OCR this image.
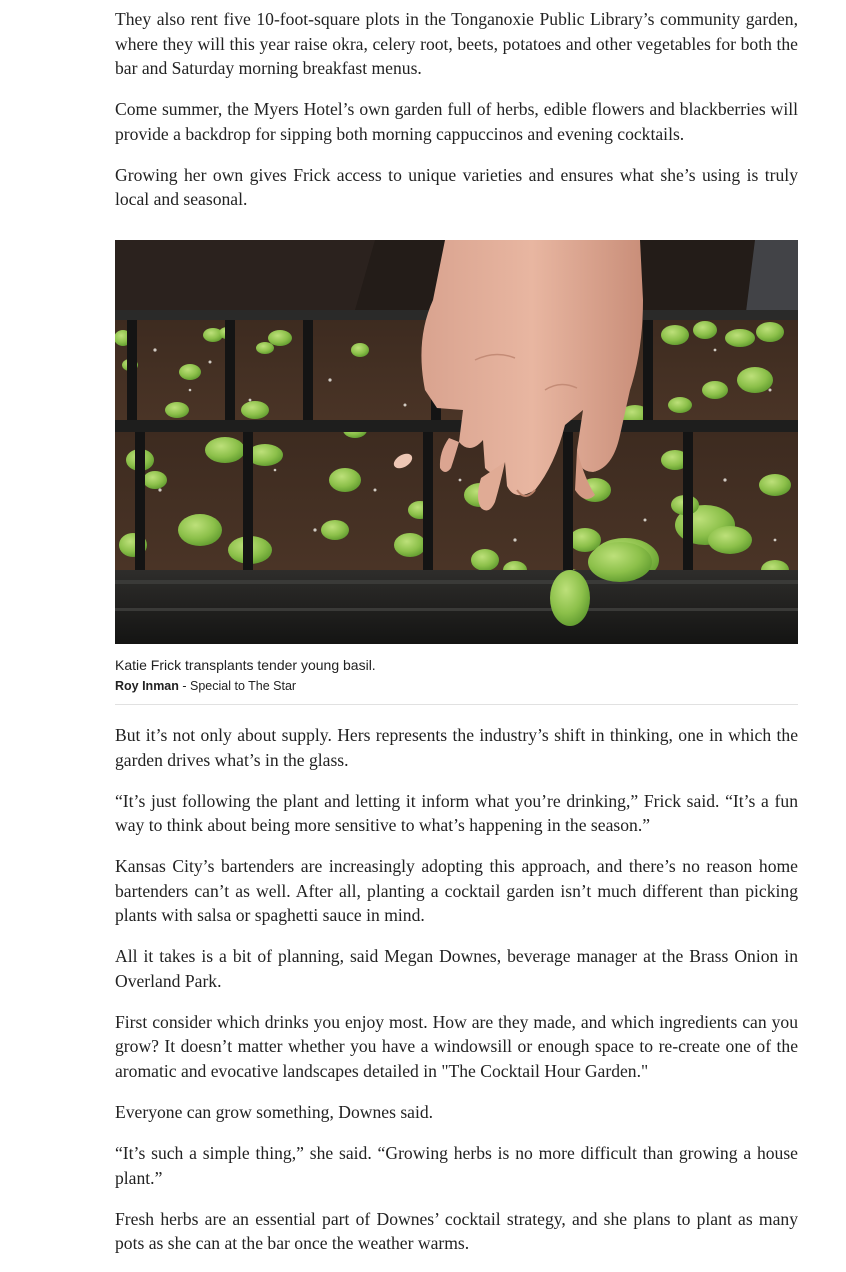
They also rent five 10-foot-square plots in the Tonganoxie Public Library’s community garden, where they will this year raise okra, celery root, beets, potatoes and other vegetables for both the bar and Saturday morning breakfast menus.

Come summer, the Myers Hotel’s own garden full of herbs, edible flowers and blackberries will provide a backdrop for sipping both morning cappuccinos and evening cocktails.

Growing her own gives Frick access to unique varieties and ensures what she’s using is truly local and seasonal.

Katie Frick transplants tender young basil.
Roy Inman - Special to The Star

But it’s not only about supply. Hers represents the industry’s shift in thinking, one in which the garden drives what’s in the glass.

“It’s just following the plant and letting it inform what you’re drinking,” Frick said. “It’s a fun way to think about being more sensitive to what’s happening in the season.”

Kansas City’s bartenders are increasingly adopting this approach, and there’s no reason home bartenders can’t as well. After all, planting a cocktail garden isn’t much different than picking plants with salsa or spaghetti sauce in mind.

All it takes is a bit of planning, said Megan Downes, beverage manager at the Brass Onion in Overland Park.

First consider which drinks you enjoy most. How are they made, and which ingredients can you grow? It doesn’t matter whether you have a windowsill or enough space to re-create one of the aromatic and evocative landscapes detailed in "The Cocktail Hour Garden."

Everyone can grow something, Downes said.

“It’s such a simple thing,” she said. “Growing herbs is no more difficult than growing a house plant.”

Fresh herbs are an essential part of Downes’ cocktail strategy, and she plans to plant as many pots as she can at the bar once the weather warms.
